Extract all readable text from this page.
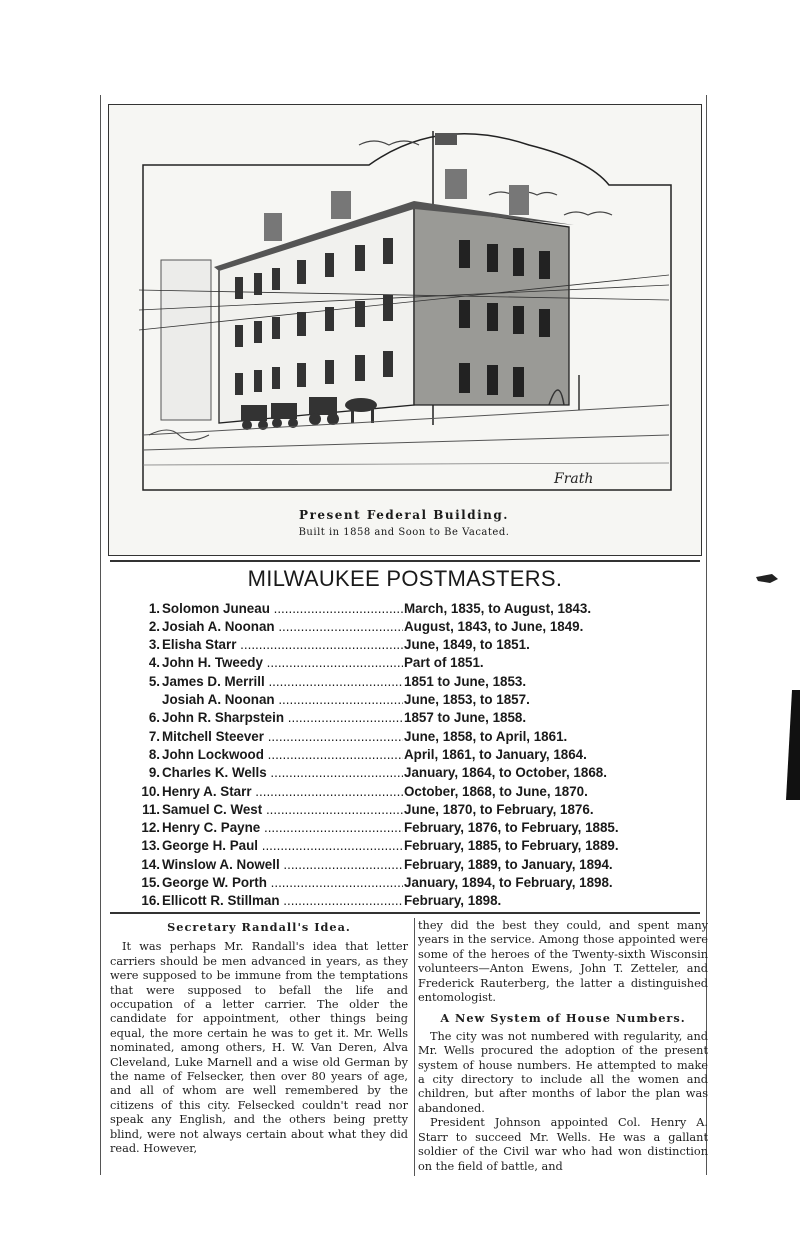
Frath
Present Federal Building.
Built in 1858 and Soon to Be Vacated.
MILWAUKEE POSTMASTERS.
1. Solomon Juneau .....	March, 1835, to August, 1843.
2. Josiah A. Noonan .....	August, 1843, to June, 1849.
3. Elisha Starr .....	June, 1849, to 1851.
4. John H. Tweedy .....	Part of 1851.
5. James D. Merrill .....	1851 to June, 1853.
Josiah A. Noonan .....	June, 1853, to 1857.
6. John R. Sharpstein .....	1857 to June, 1858.
7. Mitchell Steever .....	June, 1858, to April, 1861.
8. John Lockwood .....	April, 1861, to January, 1864.
9. Charles K. Wells .....	January, 1864, to October, 1868.
10. Henry A. Starr .....	October, 1868, to June, 1870.
11. Samuel C. West .....	June, 1870, to February, 1876.
12. Henry C. Payne .....	February, 1876, to February, 1885.
13. George H. Paul .....	February, 1885, to February, 1889.
14. Winslow A. Nowell .....	February, 1889, to January, 1894.
15. George W. Porth .....	January, 1894, to February, 1898.
16. Ellicott R. Stillman .....	February, 1898.
Secretary Randall's Idea.

It was perhaps Mr. Randall's idea that letter carriers should be men advanced in years, as they were supposed to be immune from the temptations that were supposed to befall the life and occupation of a letter carrier. The older the candidate for appointment, other things being equal, the more certain he was to get it. Mr. Wells nominated, among others, H. W. Van Deren, Alva Cleveland, Luke Marnell and a wise old German by the name of Felsecker, then over 80 years of age, and all of whom are well remembered by the citizens of this city. Felsecked couldn't read nor speak any English, and the others being pretty blind, were not always certain about what they did read. However,

they did the best they could, and spent many years in the service. Among those appointed were some of the heroes of the Twenty-sixth Wisconsin volunteers—Anton Ewens, John T. Zetteler, and Frederick Rauterberg, the latter a distinguished entomologist.

A New System of House Numbers.

The city was not numbered with regularity, and Mr. Wells procured the adoption of the present system of house numbers. He attempted to make a city directory to include all the women and children, but after months of labor the plan was abandoned.

President Johnson appointed Col. Henry A. Starr to succeed Mr. Wells. He was a gallant soldier of the Civil war who had won distinction on the field of battle, and
